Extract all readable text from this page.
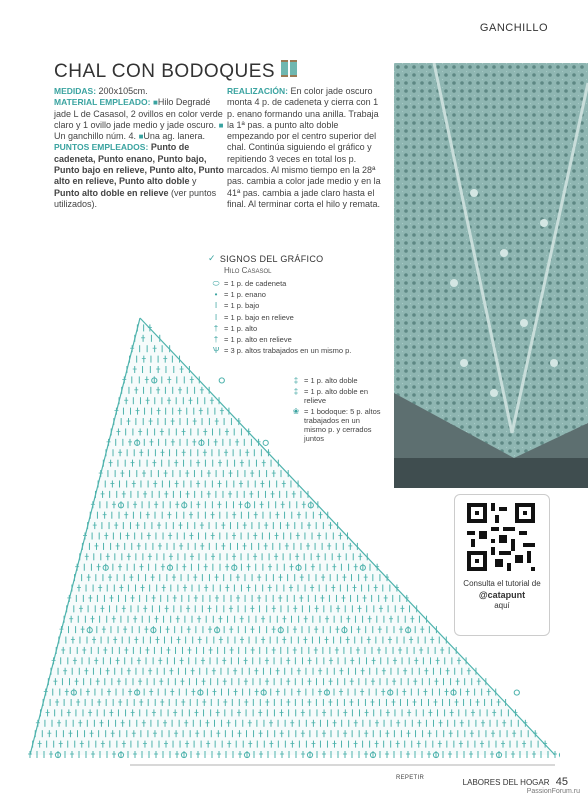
GANCHILLO
CHAL CON BODOQUES
MEDIDAS: 200x105cm.
MATERIAL EMPLEADO: ■Hilo Degradé jade L de Casasol, 2 ovillos en color verde claro y 1 ovillo jade medio y jade oscuro. ■ Un ganchillo núm. 4. ■Una ag. lanera.
PUNTOS EMPLEADOS: Punto de cadeneta, Punto enano, Punto bajo, Punto bajo en relieve, Punto alto, Punto alto en relieve, Punto alto doble y Punto alto doble en relieve (ver puntos utilizados).
REALIZACIÓN: En color jade oscuro monta 4 p. de cadeneta y cierra con 1 p. enano formando una anilla. Trabaja la 1ª pas. a punto alto doble empezando por el centro superior del chal. Continúa siguiendo el gráfico y repitiendo 3 veces en total los p. marcados. Al mismo tiempo en la 28ª pas. cambia a color jade medio y en la 41ª pas. cambia a jade claro hasta el final. Al terminar corta el hilo y remata.
Consulta el tutorial de
@catapunt
aquí
✓ SIGNOS DEL GRÁFICO
Hilo Casasol
⬭ = 1 p. de cadeneta
• = 1 p. enano
ǀ = 1 p. bajo
ǀ = 1 p. bajo en relieve
† = 1 p. alto
† = 1 p. alto en relieve
Ѱ = 3 p. altos trabajados en un mismo p.
‡ = 1 p. alto doble
‡ = 1 p. alto doble en relieve
❀ = 1 bodoque: 5 p. altos trabajados en un mismo p. y cerrados juntos
REPETIR	LABORES DEL HOGAR 45
PassionForum.ru
